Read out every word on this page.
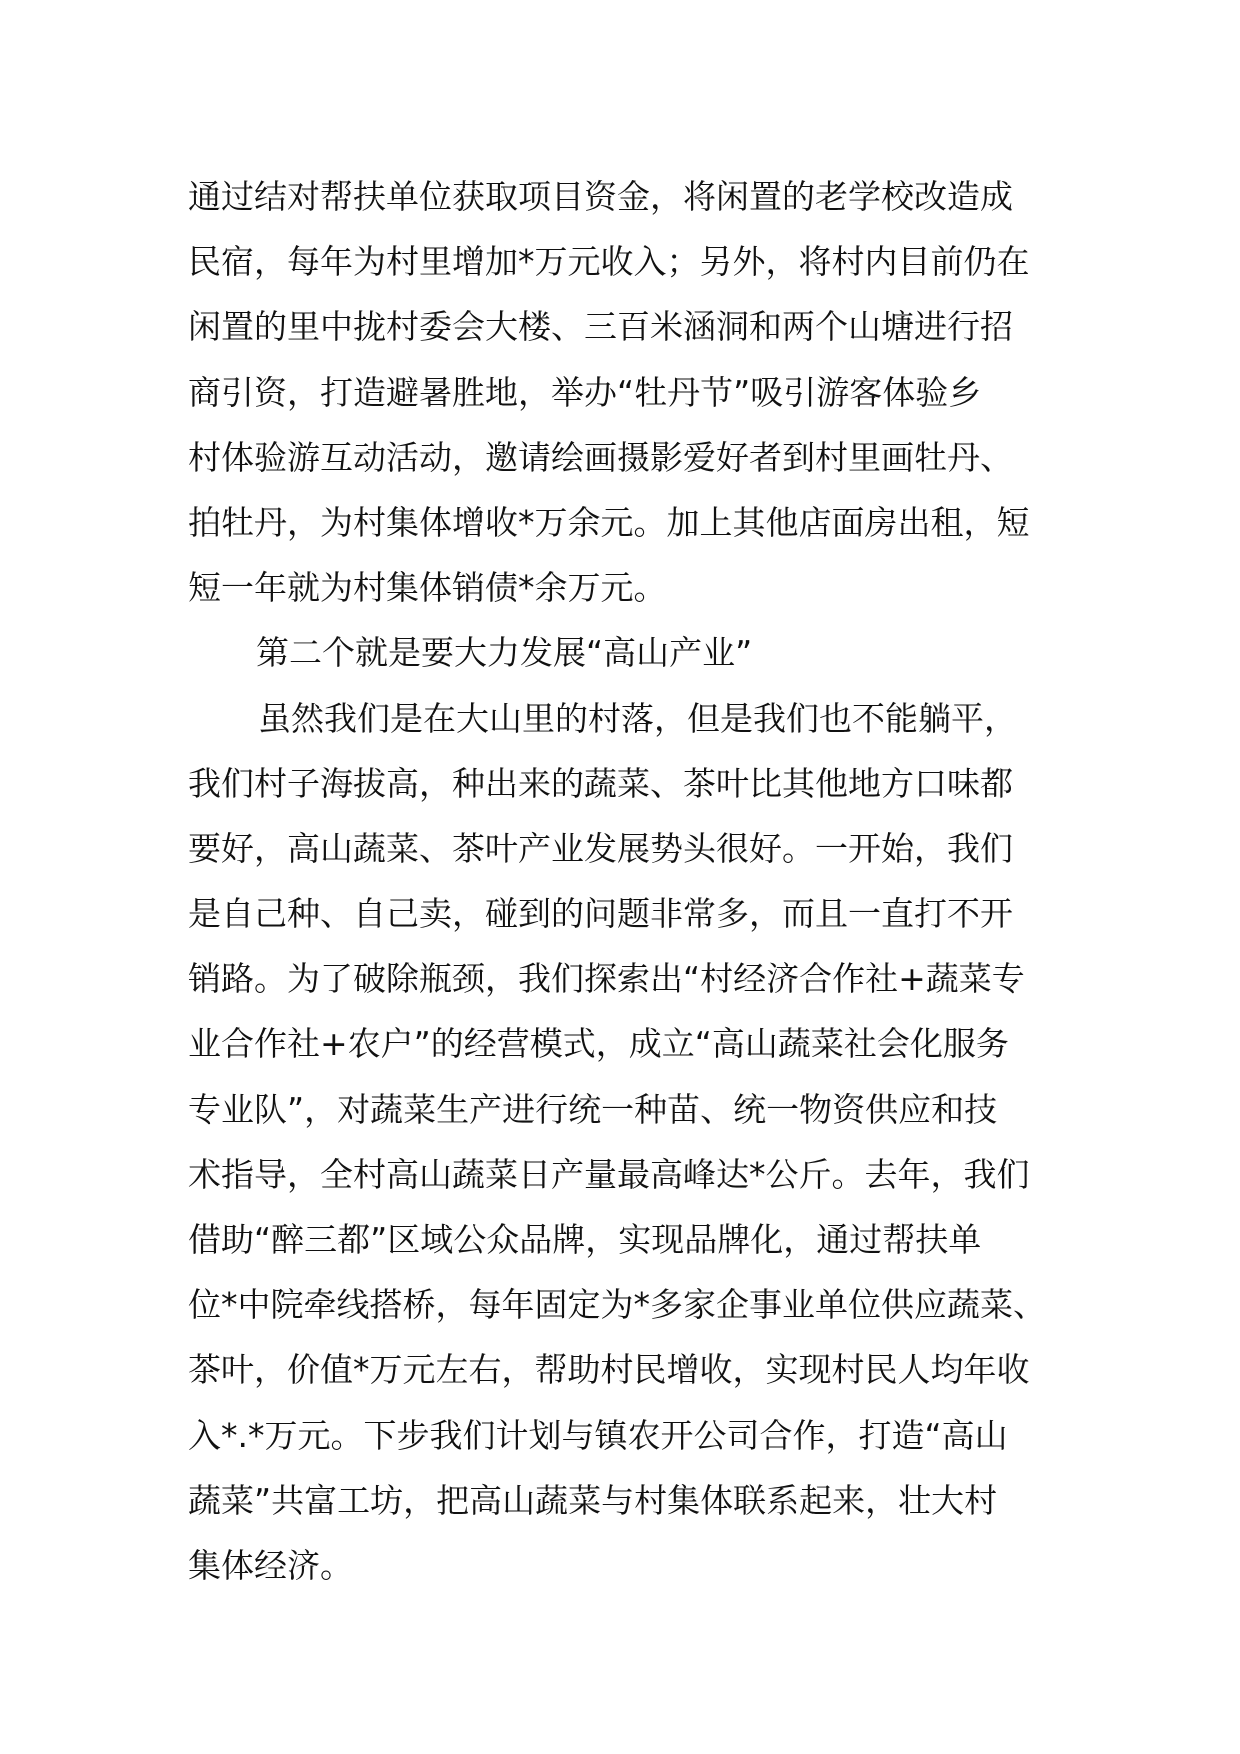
通过结对帮扶单位获取项目资金，将闲置的老学校改造成
民宿，每年为村里增加*万元收入；另外，将村内目前仍在
闲置的里中拢村委会大楼、三百米涵洞和两个山塘进行招
商引资，打造避暑胜地，举办“牡丹节”吸引游客体验乡
村体验游互动活动，邀请绘画摄影爱好者到村里画牡丹、
拍牡丹，为村集体增收*万余元。加上其他店面房出租，短
短一年就为村集体销债*余万元。
第二个就是要大力发展“高山产业”
虽然我们是在大山里的村落，但是我们也不能躺平，
我们村子海拔高，种出来的蔬菜、茶叶比其他地方口味都
要好，高山蔬菜、茶叶产业发展势头很好。一开始，我们
是自己种、自己卖，碰到的问题非常多，而且一直打不开
销路。为了破除瓶颈，我们探索出“村经济合作社+蔬菜专
业合作社+农户”的经营模式，成立“高山蔬菜社会化服务
专业队”，对蔬菜生产进行统一种苗、统一物资供应和技
术指导，全村高山蔬菜日产量最高峰达*公斤。去年，我们
借助“醉三都”区域公众品牌，实现品牌化，通过帮扶单
位*中院牵线搭桥，每年固定为*多家企事业单位供应蔬菜、
茶叶，价值*万元左右，帮助村民增收，实现村民人均年收
入*.*万元。下步我们计划与镇农开公司合作，打造“高山
蔬菜”共富工坊，把高山蔬菜与村集体联系起来，壮大村
集体经济。
